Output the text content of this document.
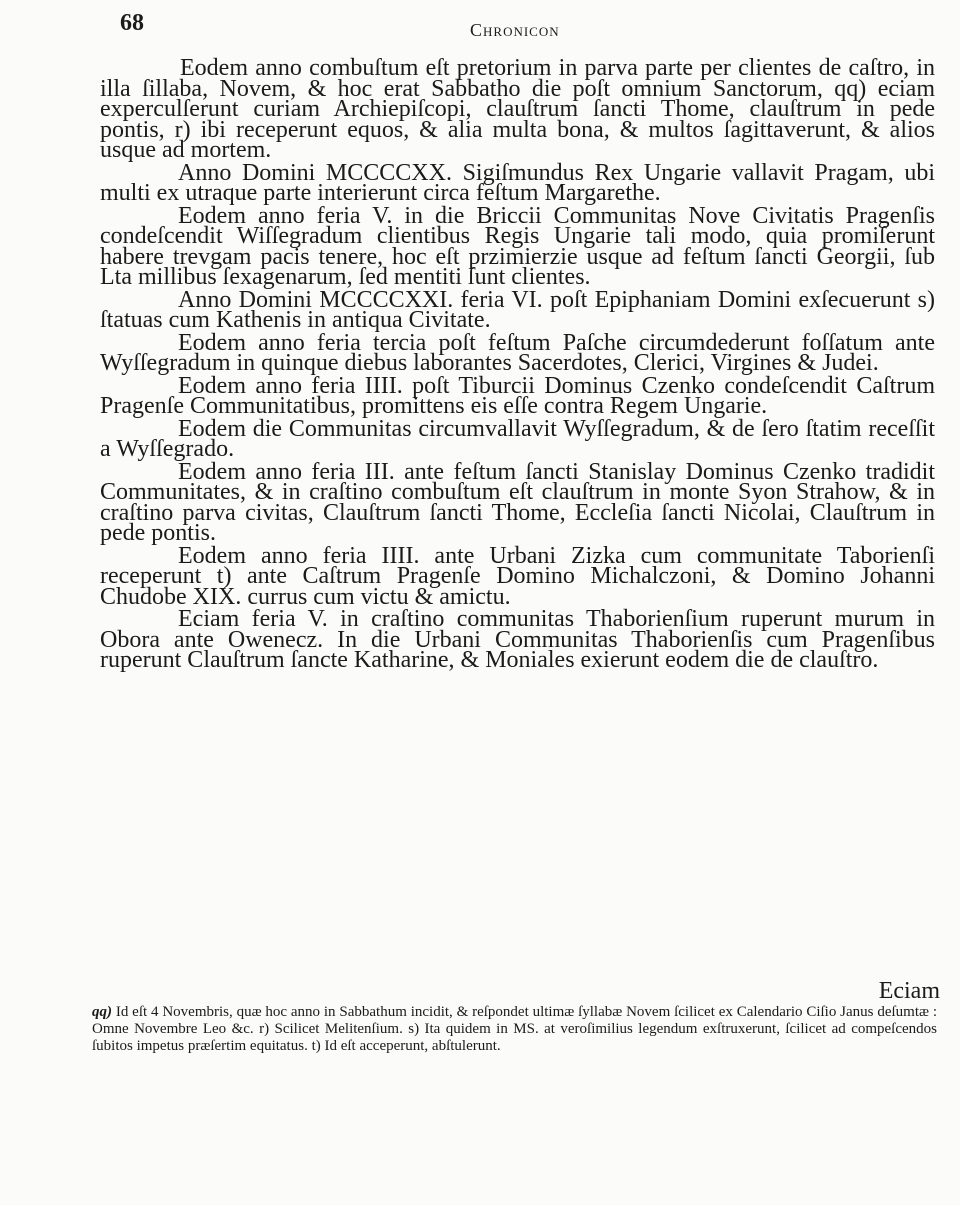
68	Chronicon

Eodem anno combuſtum eſt pretorium in parva parte per clientes de caſtro, in illa ſillaba, Novem, & hoc erat Sabbatho die poſt omnium Sanctorum, qq) eciam experculſerunt curiam Archiepiſcopi, clauſtrum ſancti Thome, clauſtrum in pede pontis, r) ibi receperunt equos, & alia multa bona, & multos ſagittaverunt, & alios usque ad mortem.

Anno Domini MCCCCXX. Sigiſmundus Rex Ungarie vallavit Pragam, ubi multi ex utraque parte interierunt circa feſtum Margarethe.

Eodem anno feria V. in die Briccii Communitas Nove Civitatis Pragenſis condeſcendit Wiſſegradum clientibus Regis Ungarie tali modo, quia promiſerunt habere trevgam pacis tenere, hoc eſt przimierzie usque ad feſtum ſancti Georgii, ſub Lta millibus ſexagenarum, ſed mentiti ſunt clientes.

Anno Domini MCCCCXXI. feria VI. poſt Epiphaniam Domini exſecuerunt s) ſtatuas cum Kathenis in antiqua Civitate.

Eodem anno feria tercia poſt feſtum Paſche circumdederunt foſſatum ante Wyſſegradum in quinque diebus laborantes Sacerdotes, Clerici, Virgines & Judei.

Eodem anno feria IIII. poſt Tiburcii Dominus Czenko condeſcendit Caſtrum Pragenſe Communitatibus, promittens eis eſſe contra Regem Ungarie.

Eodem die Communitas circumvallavit Wyſſegradum, & de ſero ſtatim receſſit a Wyſſegrado.

Eodem anno feria III. ante feſtum ſancti Stanislay Dominus Czenko tradidit Communitates, & in craſtino combuſtum eſt clauſtrum in monte Syon Strahow, & in craſtino parva civitas, Clauſtrum ſancti Thome, Eccleſia ſancti Nicolai, Clauſtrum in pede pontis.

Eodem anno feria IIII. ante Urbani Zizka cum communitate Taborienſi receperunt t) ante Caſtrum Pragenſe Domino Michalczoni, & Domino Johanni Chudobe XIX. currus cum victu & amictu.

Eciam feria V. in craſtino communitas Thaborienſium ruperunt murum in Obora ante Owenecz. In die Urbani Communitas Thaborienſis cum Pragenſibus ruperunt Clauſtrum ſancte Katharine, & Moniales exierunt eodem die de clauſtro.

Eciam

qq) Id eſt 4 Novembris, quæ hoc anno in Sabbathum incidit, & reſpondet ultimæ ſyllabæ Novem ſcilicet ex Calendario Ciſio Janus deſumtæ : Omne Novembre Leo &c. r) Scilicet Melitenſium. s) Ita quidem in MS. at veroſimilius legendum exſtruxerunt, ſcilicet ad compeſcendos ſubitos impetus præſertim equitatus. t) Id eſt acceperunt, abſtulerunt.
